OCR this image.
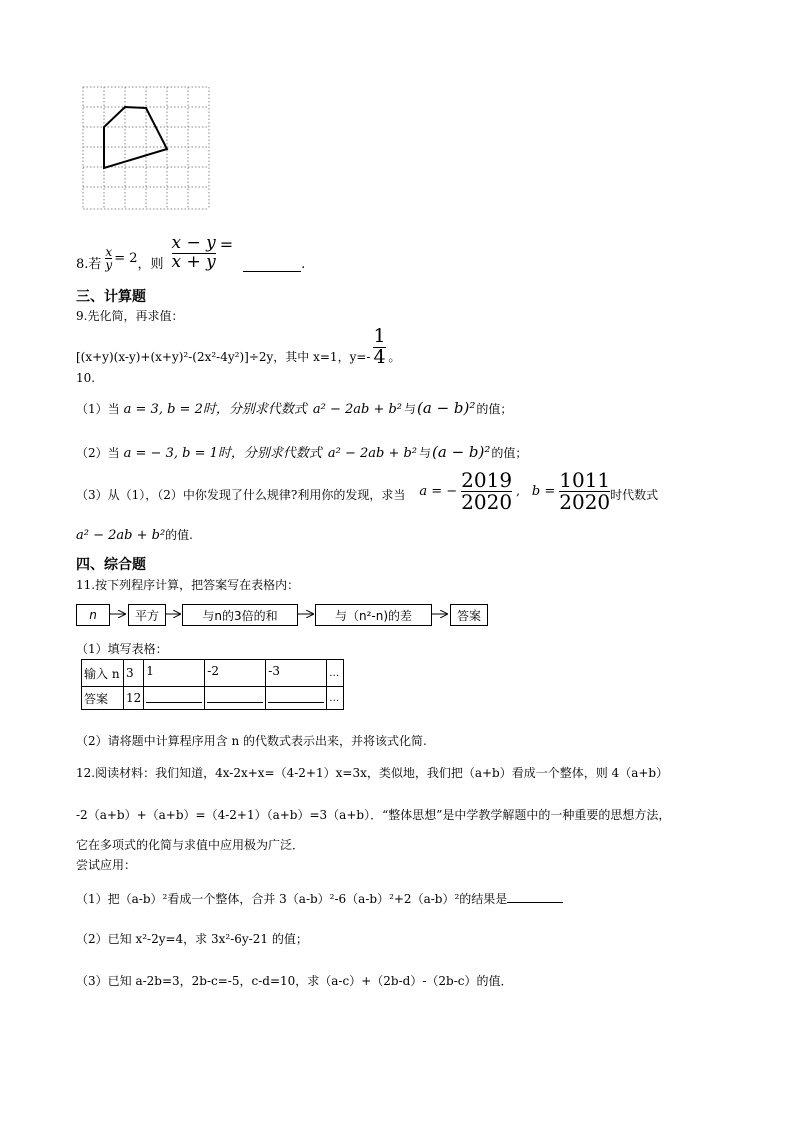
8.若 $\frac{x}{y} = 2$ ，则 $\frac{x - y}{x + y}$ =
.
三、计算题
9.先化简，再求值：
[(x+y)(x-y)+(x+y)²-(2x²-4y²)]÷2y，其中 x=1，$y=- \frac{1}{4}$ 。
10.
（1）当 a = 3, b = 2时，分别求代数式 a² − 2ab + b² 与 (a − b)² 的值；
（2）当 a = − 3, b = 1时，分别求代数式 a² − 2ab + b² 与 (a − b)² 的值；
（3）从（1），（2）中你发现了什么规律?利用你的发现，求当 a = − $\frac{2019}{2020}$ , $b = \frac{1011}{2020}$ 时代数式
a² − 2ab + b² 的值.
四、综合题
11.按下列程序计算，把答案写在表格内：
n	平方	与n的3倍的和	与（n²-n)的差	答案
（1）填写表格：
输入 n	3	1	-2	-3	…
答案	12				…
（2）请将题中计算程序用含 n 的代数式表示出来，并将该式化简.
12.阅读材料：我们知道，4x-2x+x=（4-2+1）x=3x，类似地，我们把（a+b）看成一个整体，则 4（a+b）
-2（a+b）+（a+b）=（4-2+1）（a+b）=3（a+b）．“整体思想”是中学教学解题中的一种重要的思想方法，
它在多项式的化简与求值中应用极为广泛．
尝试应用：
（1）把（a-b）²看成一个整体，合并 3（a-b）²-6（a-b）²+2（a-b）²的结果是
（2）已知 x²-2y=4，求 3x²-6y-21 的值；
（3）已知 a-2b=3，2b-c=-5，c-d=10，求（a-c）+（2b-d）-（2b-c）的值．
